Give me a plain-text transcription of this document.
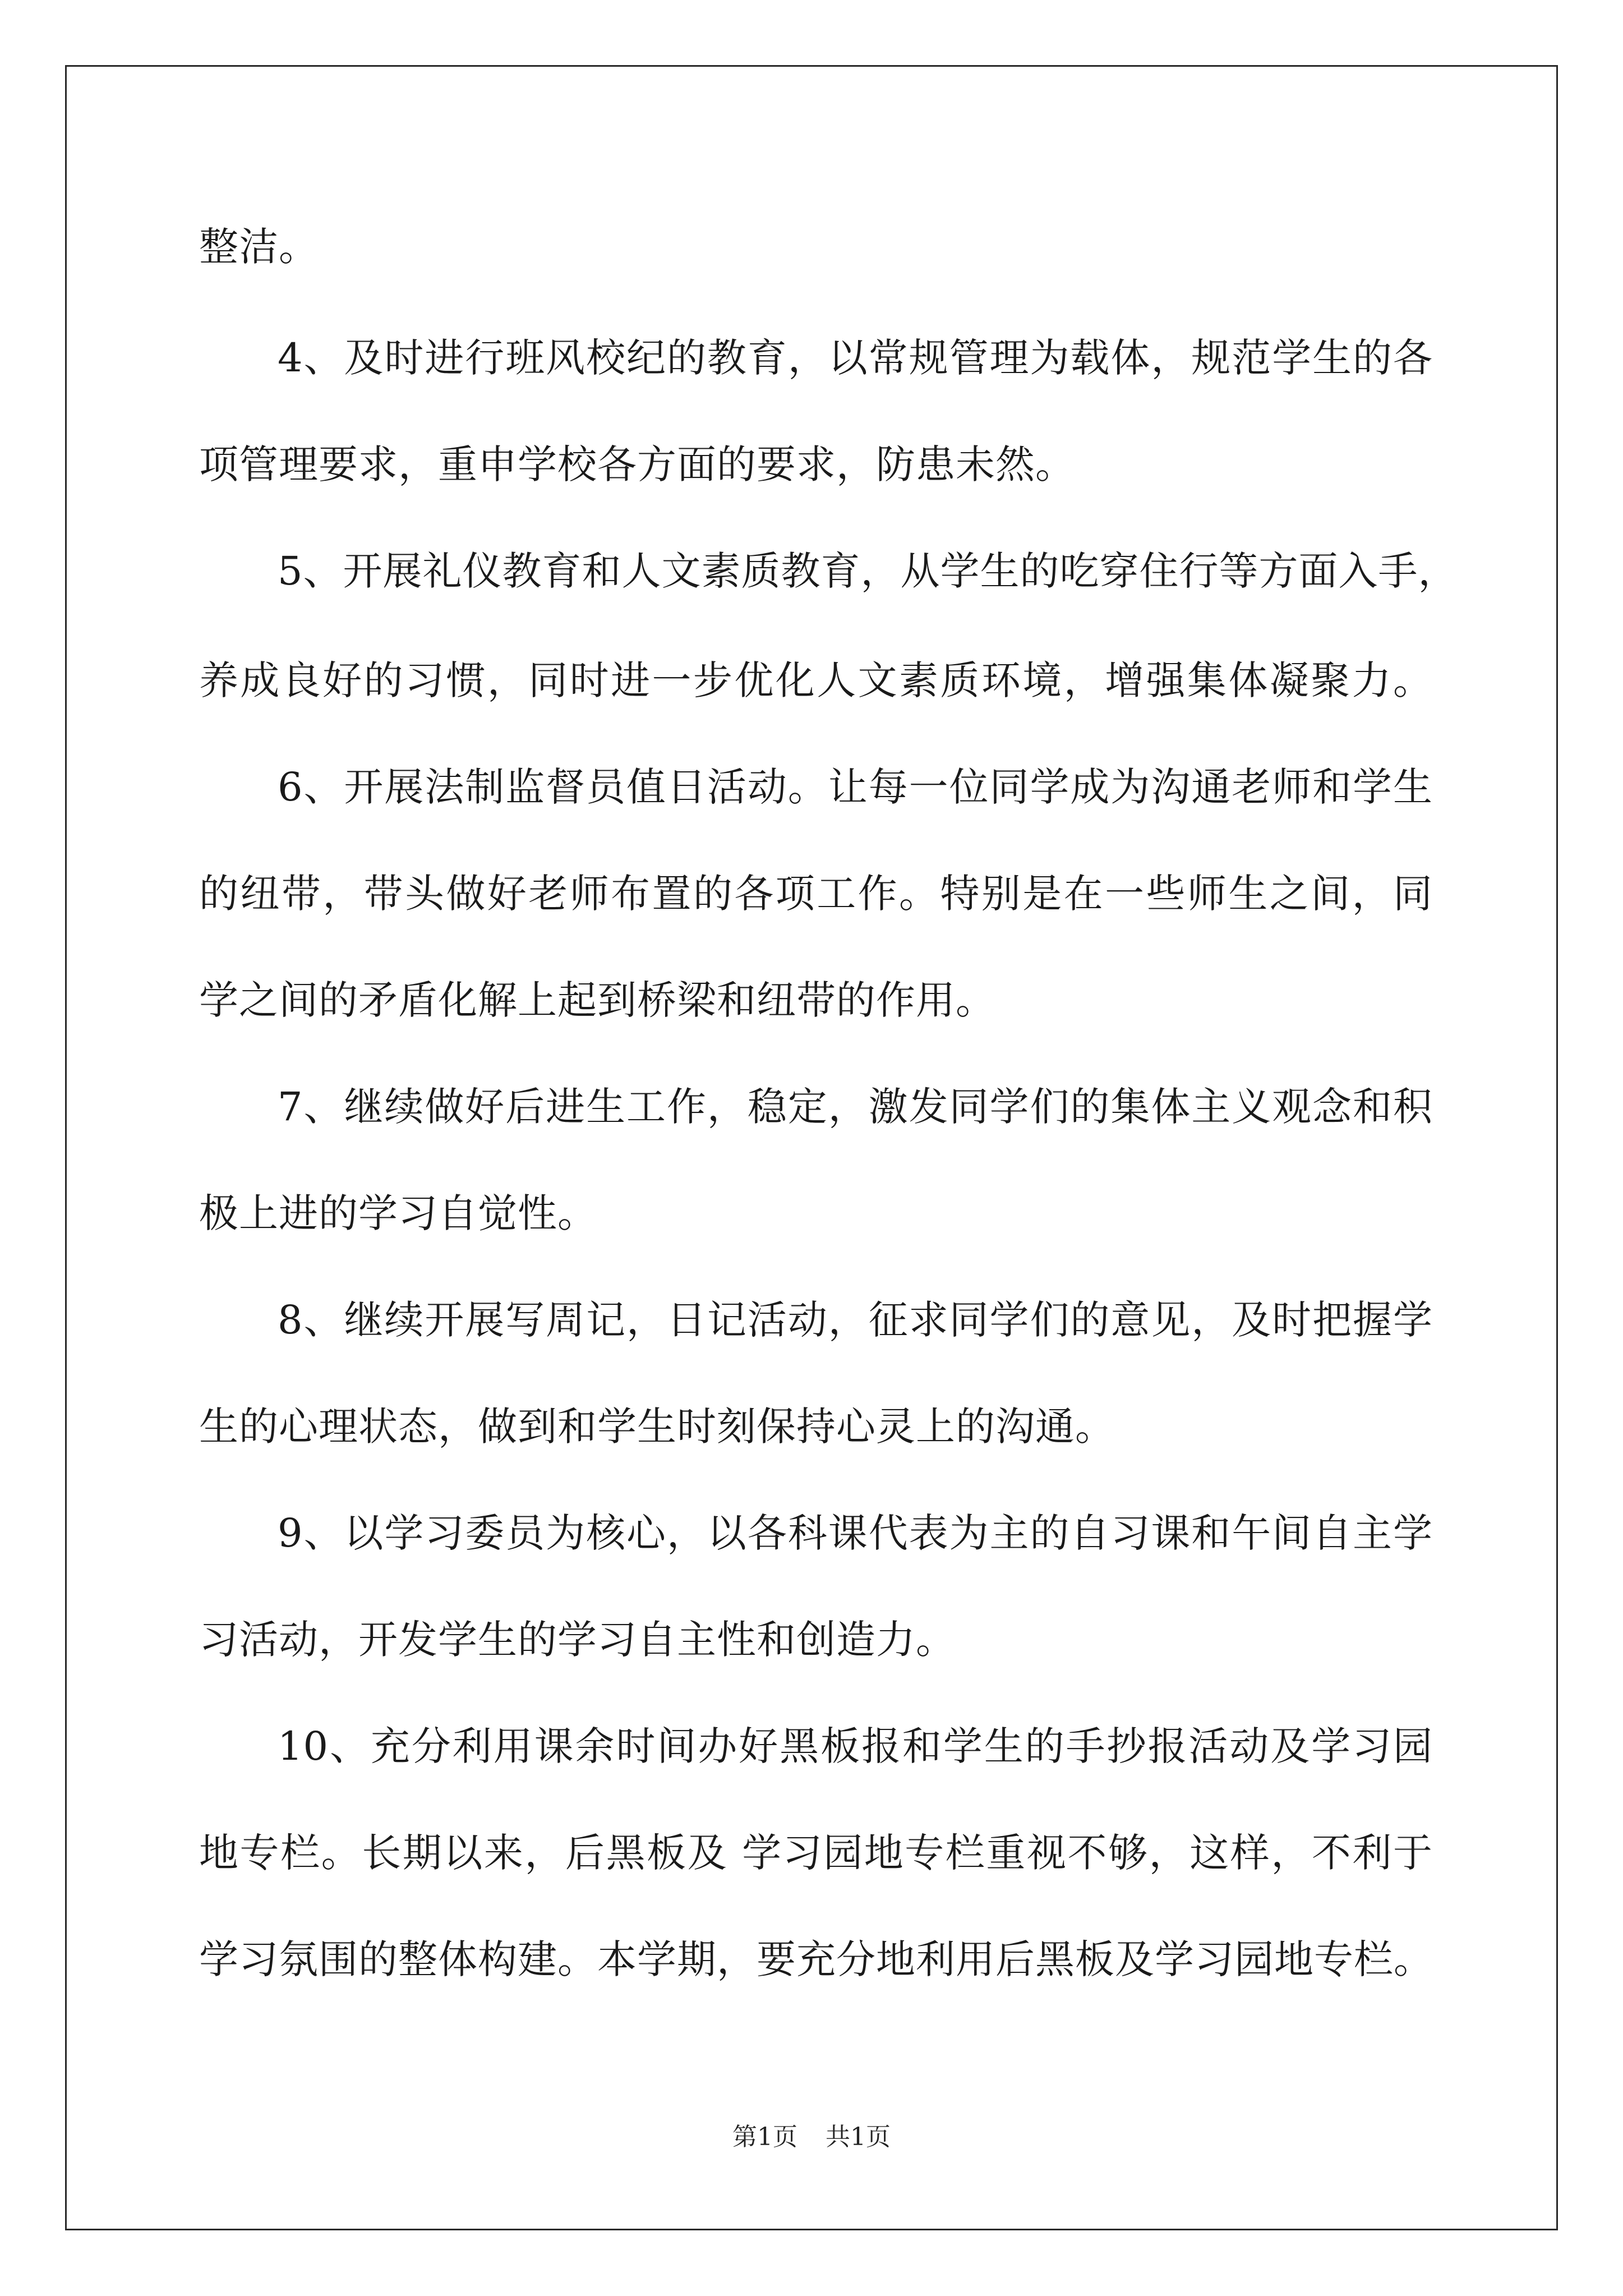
整洁。
4、及时进行班风校纪的教育，以常规管理为载体，规范学生的各
项管理要求，重申学校各方面的要求，防患未然。
5、开展礼仪教育和人文素质教育，从学生的吃穿住行等方面入手，
养成良好的习惯，同时进一步优化人文素质环境，增强集体凝聚力。
6、开展法制监督员值日活动。让每一位同学成为沟通老师和学生
的纽带，带头做好老师布置的各项工作。特别是在一些师生之间，同
学之间的矛盾化解上起到桥梁和纽带的作用。
7、继续做好后进生工作，稳定，激发同学们的集体主义观念和积
极上进的学习自觉性。
8、继续开展写周记，日记活动，征求同学们的意见，及时把握学
生的心理状态，做到和学生时刻保持心灵上的沟通。
9、以学习委员为核心，以各科课代表为主的自习课和午间自主学
习活动，开发学生的学习自主性和创造力。
10、充分利用课余时间办好黑板报和学生的手抄报活动及学习园
地专栏。长期以来，后黑板及 学习园地专栏重视不够，这样，不利于
学习氛围的整体构建。本学期，要充分地利用后黑板及学习园地专栏。
第1页 共1页
